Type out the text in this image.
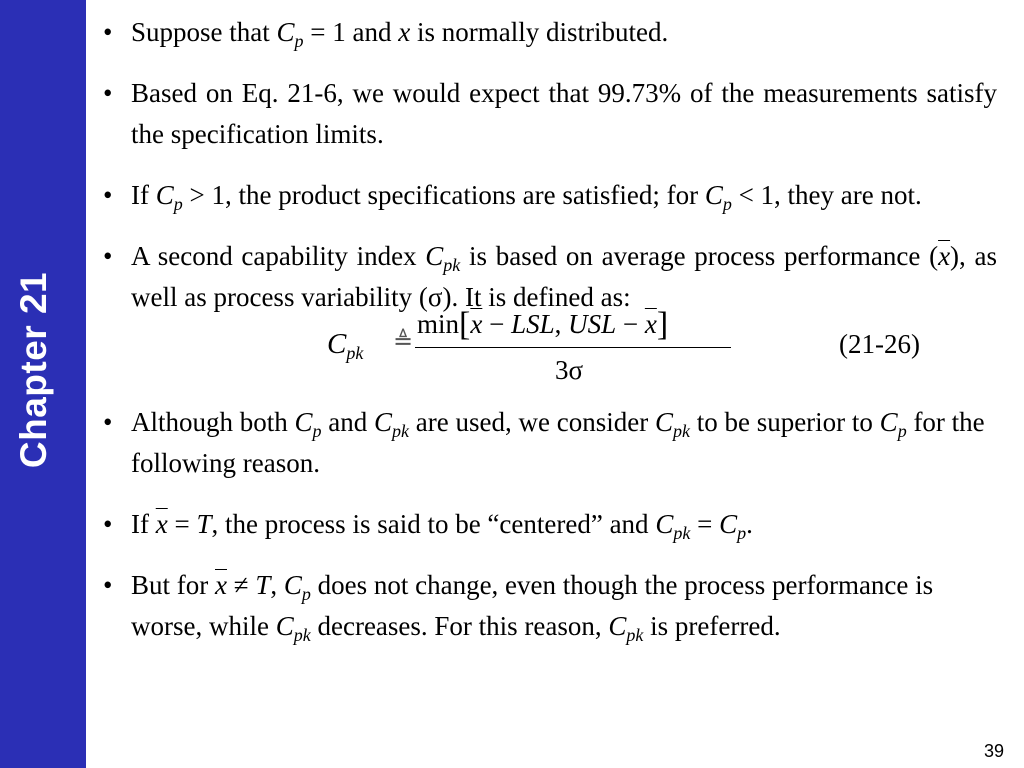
Chapter 21

• Suppose that $C_p = 1$ and x is normally distributed.

• Based on Eq. 21-6, we would expect that 99.73% of the measurements satisfy the specification limits.

• If $C_p > 1$, the product specifications are satisfied; for $C_p < 1$, they are not.

• A second capability index $C_{pk}$ is based on average process performance $(\overline{x})$, as well as process variability (σ). It is defined as:

$C_{pk}$ ≜
$\min[\overline{x}$ − LSL, USL − $\overline{x}$]
3σ
(21-26)

• Although both $C_p$ and $C_{pk}$ are used, we consider $C_{pk}$ to be superior to $C_p$ for the following reason.

• If $\overline{x} = T$, the process is said to be “centered” and $C_{pk} = C_p$.

• But for $\overline{x} \ne T$, $C_p$ does not change, even though the process performance is worse, while $C_{pk}$ decreases. For this reason, $C_{pk}$ is preferred.

39
